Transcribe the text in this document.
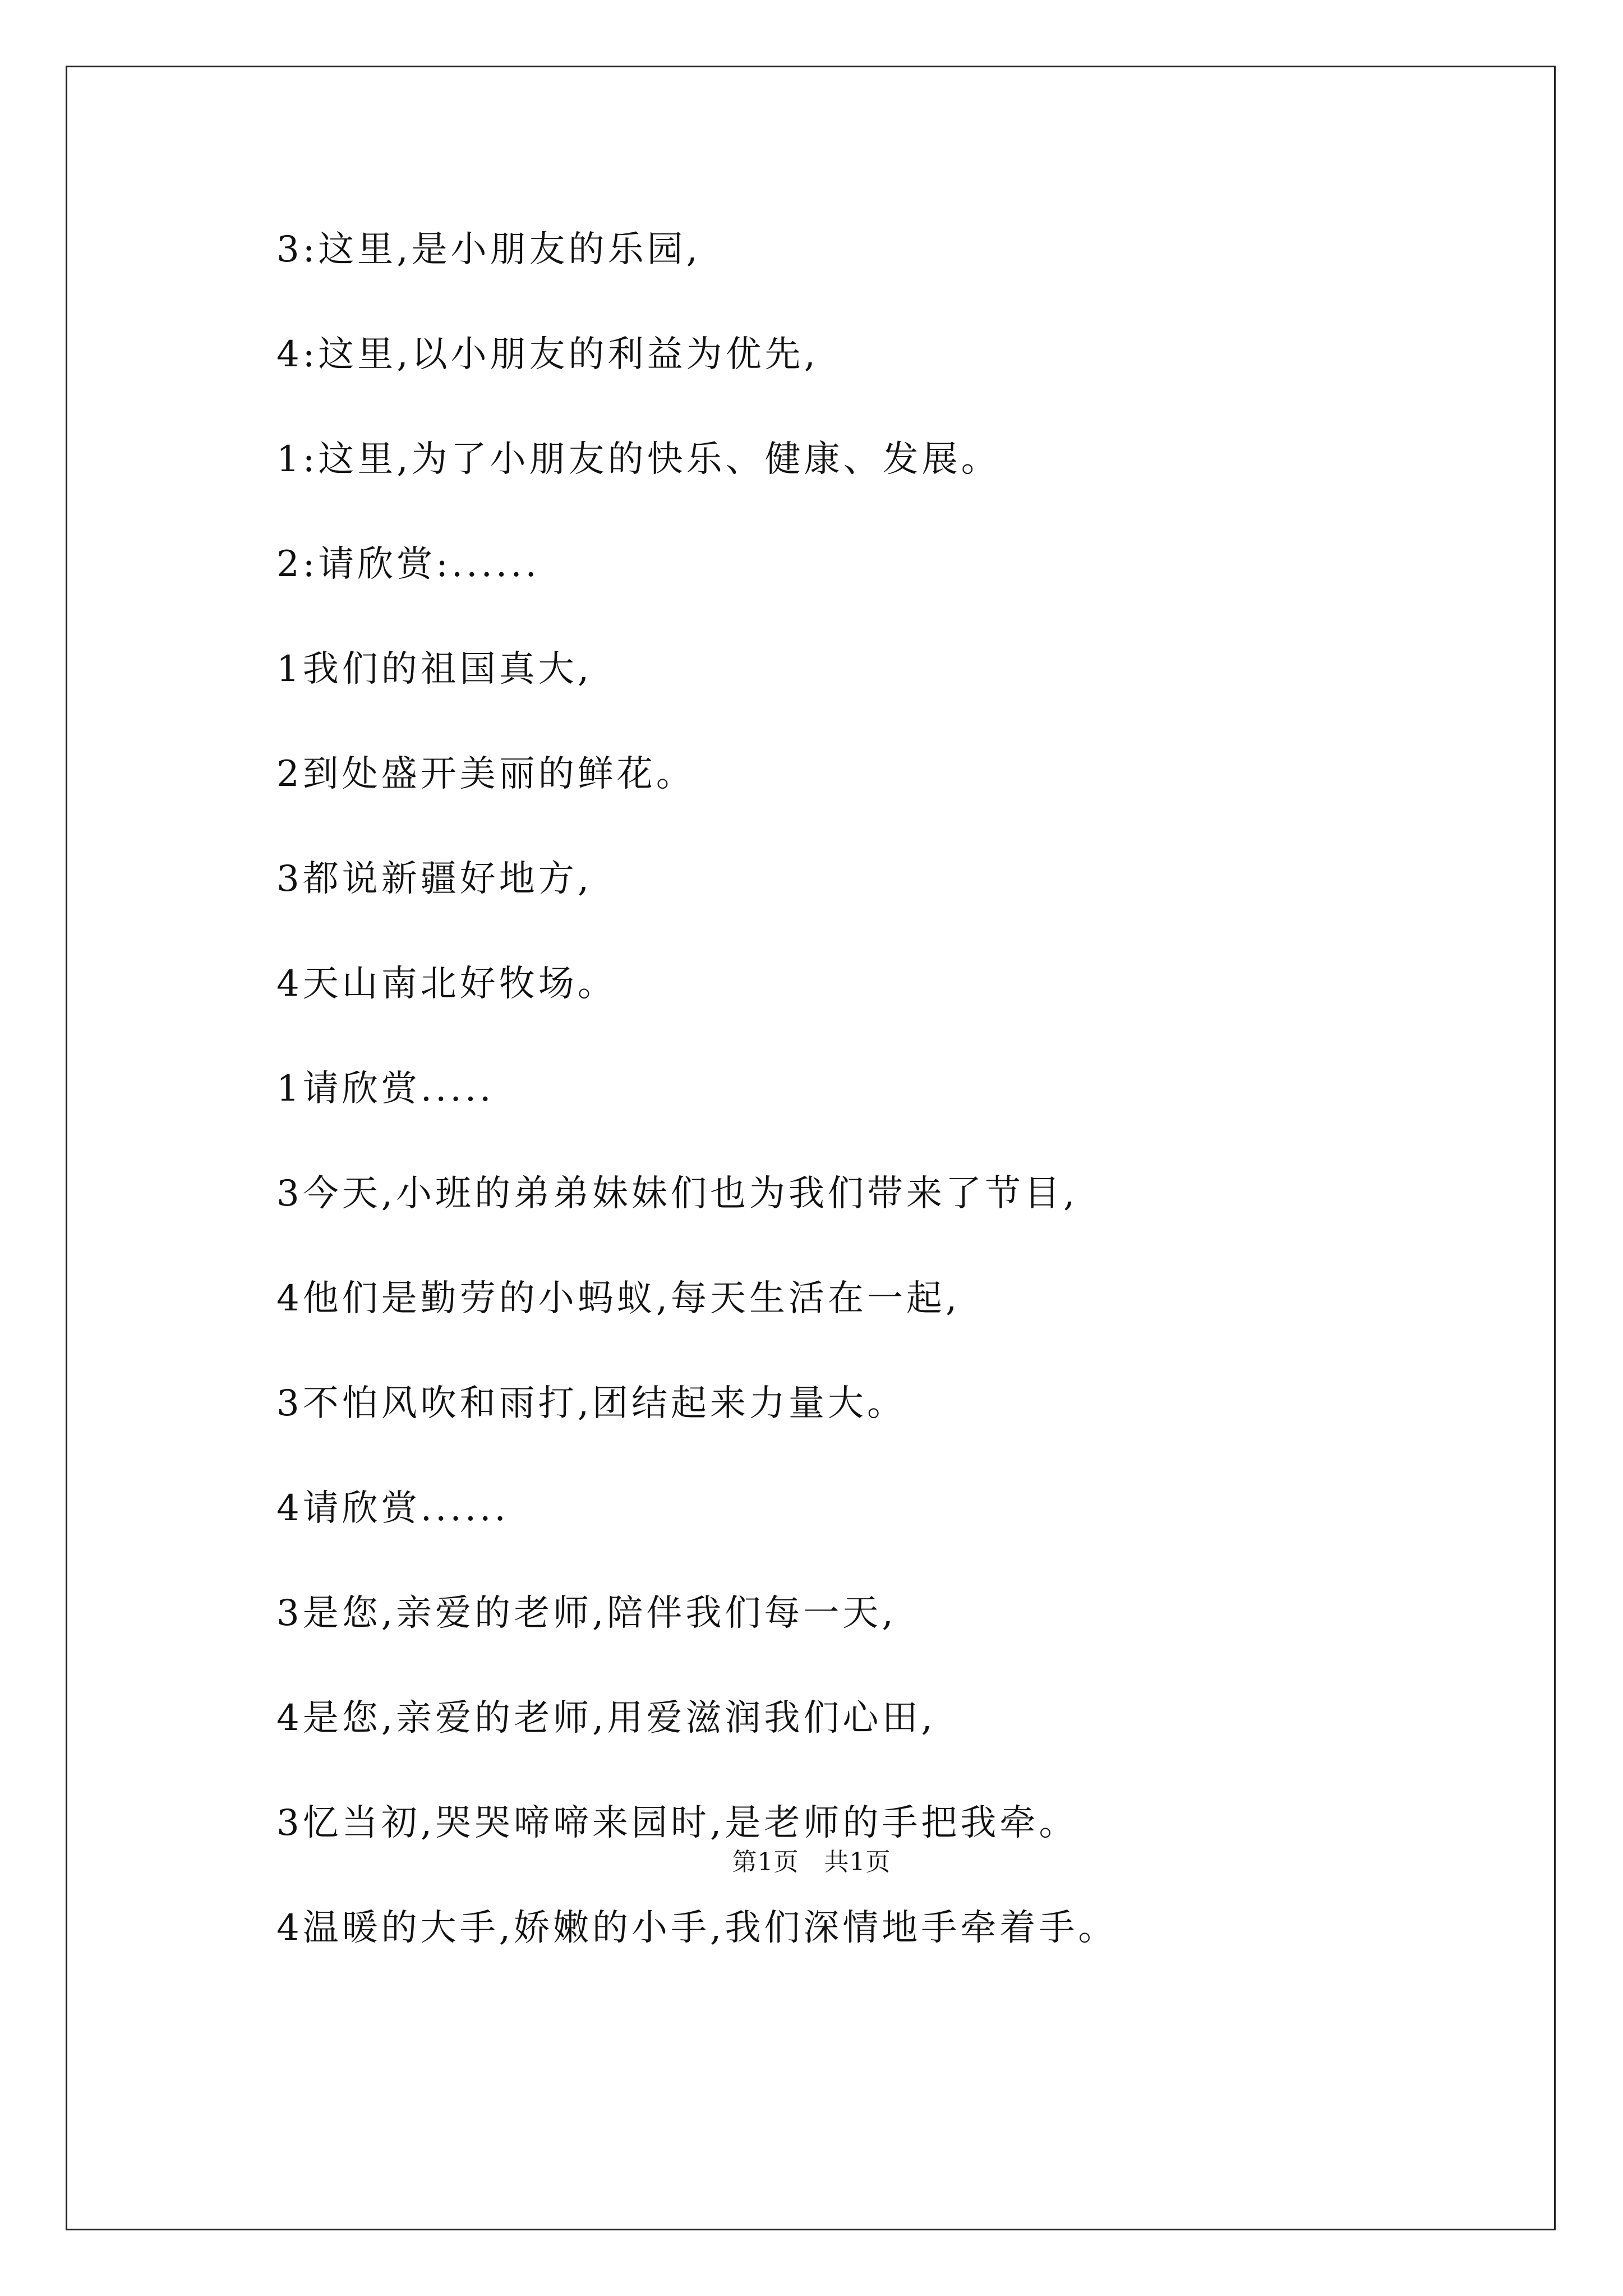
3:这里,是小朋友的乐园,
4:这里,以小朋友的利益为优先,
1:这里,为了小朋友的快乐、健康、发展。
2:请欣赏:......
1我们的祖国真大,
2到处盛开美丽的鲜花。
3都说新疆好地方,
4天山南北好牧场。
1请欣赏.....
3今天,小班的弟弟妹妹们也为我们带来了节目,
4他们是勤劳的小蚂蚁,每天生活在一起,
3不怕风吹和雨打,团结起来力量大。
4请欣赏......
3是您,亲爱的老师,陪伴我们每一天,
4是您,亲爱的老师,用爱滋润我们心田,
3忆当初,哭哭啼啼来园时,是老师的手把我牵。
4温暖的大手,娇嫩的小手,我们深情地手牵着手。
第1页　共1页
